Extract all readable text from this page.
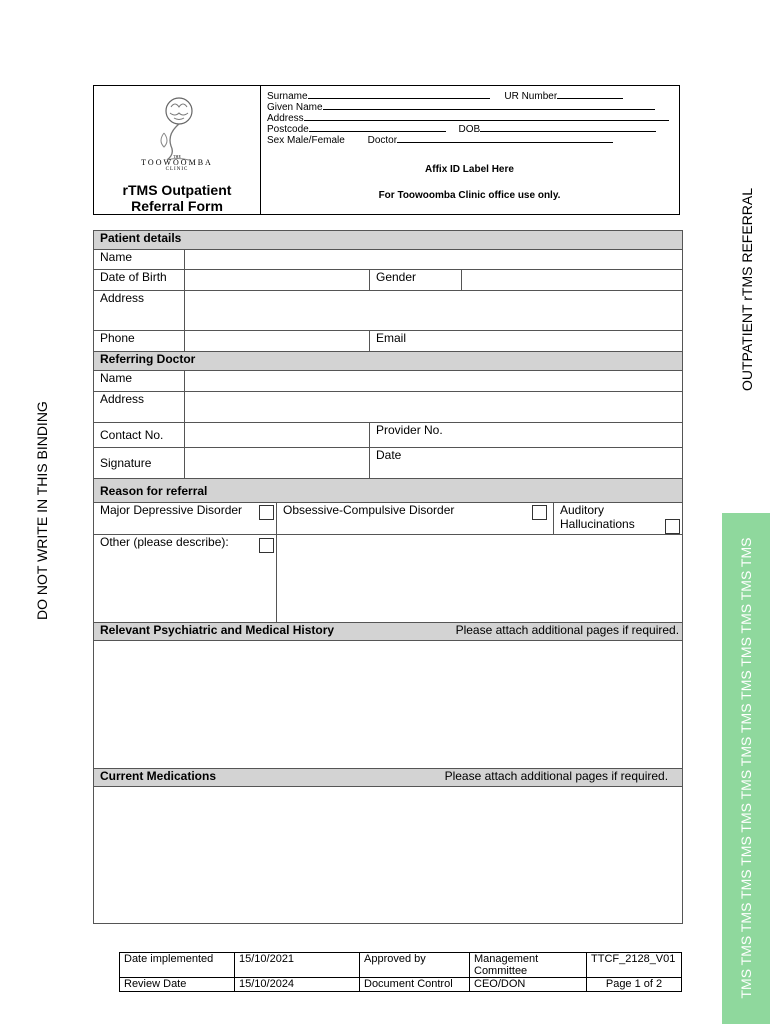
THE
TOOWOOMBA
CLINIC
rTMS Outpatient
Referral Form
Surname	UR Number
Given Name
Address
Postcode	DOB
Sex Male/Female Doctor
Affix ID Label Here
For Toowoomba Clinic office use only.
Patient details					
Name					
Date of Birth			Gender		
Address					
Phone			Email		
Referring Doctor					
Name					
Address					
Contact No.			Provider No.		
Signature			Date		
Reason for referral					
Major Depressive Disorder		Obsessive-Compulsive Disorder			Auditory Hallucinations

Other (please describe):				

Relevant Psychiatric and Medical History Please attach additional pages if required.					

Current Medications Please attach additional pages if required.					

Date implemented	15/10/2021	Approved by	Management Committee	TTCF_2128_V01
Review Date	15/10/2024	Document Control	CEO/DON	Page 1 of 2
DO NOT WRITE IN THIS BINDING
OUTPATIENT rTMS REFERRAL
TMS TMS TMS TMS TMS TMS TMS TMS TMS TMS TMS TMS TMS TMS
